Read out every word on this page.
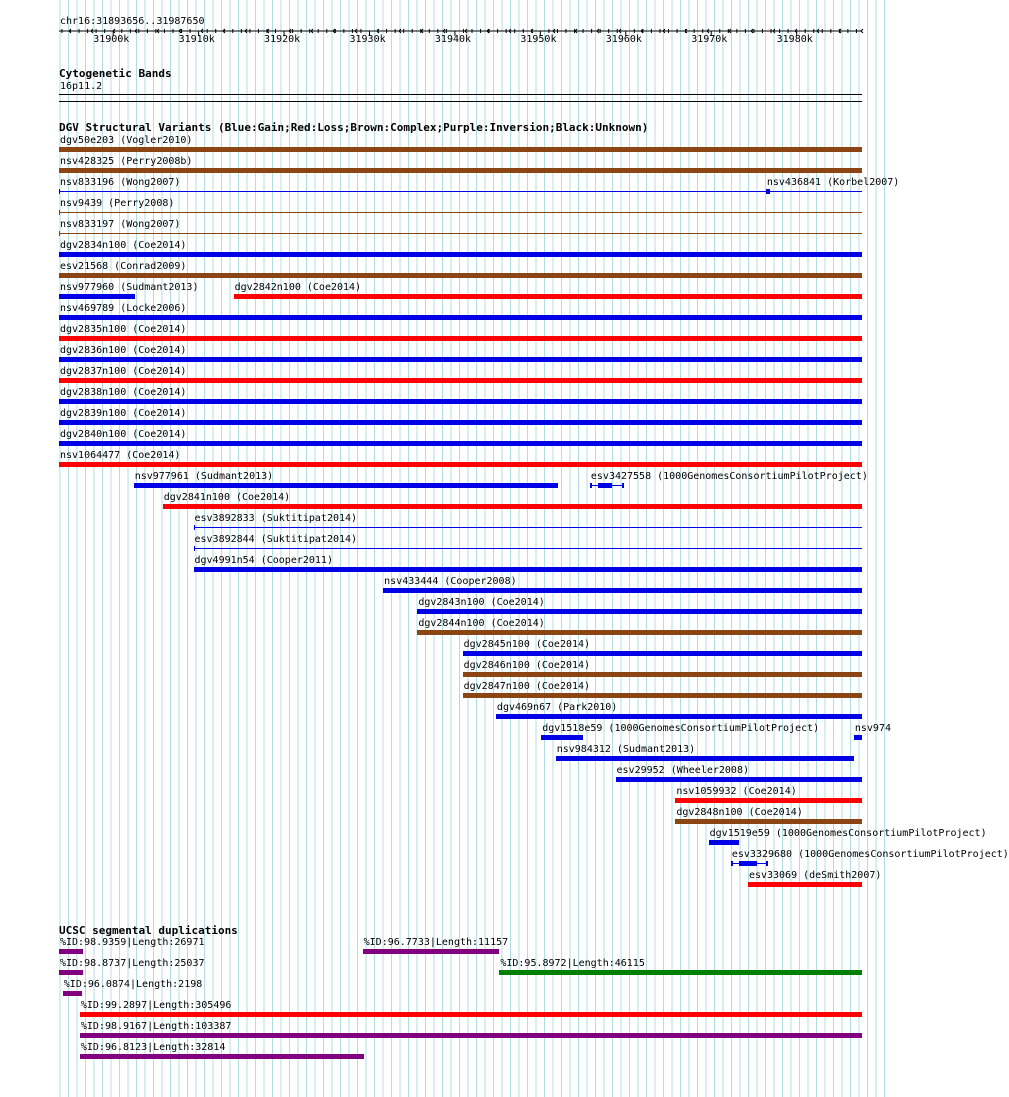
chr16:31893656..31987650
31900k	31910k	31920k	31930k	31940k	31950k	31960k	31970k	31980k
Cytogenetic Bands
16p11.2
DGV Structural Variants (Blue:Gain;Red:Loss;Brown:Complex;Purple:Inversion;Black:Unknown)
dgv50e203 (Vogler2010)
nsv428325 (Perry2008b)
nsv833196 (Wong2007)	nsv436841 (Korbel2007)
nsv9439 (Perry2008)
nsv833197 (Wong2007)
dgv2834n100 (Coe2014)
esv21568 (Conrad2009)
nsv977960 (Sudmant2013)	dgv2842n100 (Coe2014)
nsv469789 (Locke2006)
dgv2835n100 (Coe2014)
dgv2836n100 (Coe2014)
dgv2837n100 (Coe2014)
dgv2838n100 (Coe2014)
dgv2839n100 (Coe2014)
dgv2840n100 (Coe2014)
nsv1064477 (Coe2014)
nsv977961 (Sudmant2013)	esv3427558 (1000GenomesConsortiumPilotProject)
dgv2841n100 (Coe2014)
esv3892833 (Suktitipat2014)
esv3892844 (Suktitipat2014)
dgv4991n54 (Cooper2011)
nsv433444 (Cooper2008)
dgv2843n100 (Coe2014)
dgv2844n100 (Coe2014)
dgv2845n100 (Coe2014)
dgv2846n100 (Coe2014)
dgv2847n100 (Coe2014)
dgv469n67 (Park2010)
dgv1518e59 (1000GenomesConsortiumPilotProject)	nsv974
nsv984312 (Sudmant2013)
esv29952 (Wheeler2008)
nsv1059932 (Coe2014)
dgv2848n100 (Coe2014)
dgv1519e59 (1000GenomesConsortiumPilotProject)
esv3329680 (1000GenomesConsortiumPilotProject)
esv33069 (deSmith2007)
UCSC segmental duplications
%ID:98.9359|Length:26971	%ID:96.7733|Length:11157
%ID:98.8737|Length:25037	%ID:95.8972|Length:46115
%ID:96.0874|Length:2198
%ID:99.2897|Length:305496
%ID:98.9167|Length:103387
%ID:96.8123|Length:32814
